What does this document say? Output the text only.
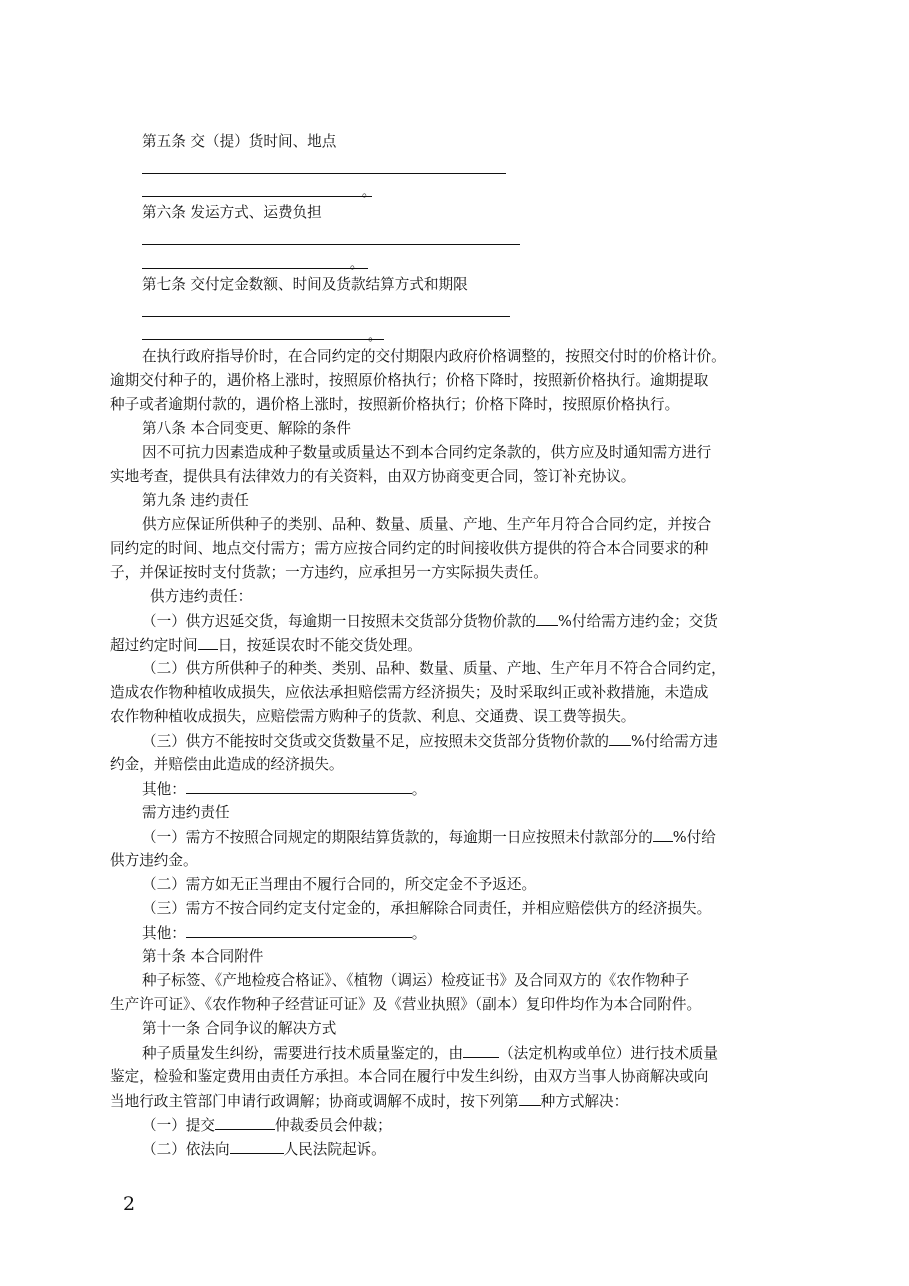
第五条 交（提）货时间、地点

。

第六条 发运方式、运费负担

。

第七条 交付定金数额、时间及货款结算方式和期限

。

在执行政府指导价时，在合同约定的交付期限内政府价格调整的，按照交付时的价格计价。

逾期交付种子的，遇价格上涨时，按照原价格执行；价格下降时，按照新价格执行。逾期提取

种子或者逾期付款的，遇价格上涨时，按照新价格执行；价格下降时，按照原价格执行。

第八条 本合同变更、解除的条件

因不可抗力因素造成种子数量或质量达不到本合同约定条款的，供方应及时通知需方进行

实地考查，提供具有法律效力的有关资料，由双方协商变更合同，签订补充协议。

第九条 违约责任

供方应保证所供种子的类别、品种、数量、质量、产地、生产年月符合合同约定，并按合

同约定的时间、地点交付需方；需方应按合同约定的时间接收供方提供的符合本合同要求的种

子，并保证按时支付货款；一方违约，应承担另一方实际损失责任。

供方违约责任：

（一）供方迟延交货，每逾期一日按照未交货部分货物价款的 %付给需方违约金；交货

超过约定时间 日，按延误农时不能交货处理。

（二）供方所供种子的种类、类别、品种、数量、质量、产地、生产年月不符合合同约定，

造成农作物种植收成损失，应依法承担赔偿需方经济损失；及时采取纠正或补救措施，未造成

农作物种植收成损失，应赔偿需方购种子的货款、利息、交通费、误工费等损失。

（三）供方不能按时交货或交货数量不足，应按照未交货部分货物价款的 %付给需方违

约金，并赔偿由此造成的经济损失。

其他：	。

需方违约责任

（一）需方不按照合同规定的期限结算货款的，每逾期一日应按照未付款部分的 %付给

供方违约金。

（二）需方如无正当理由不履行合同的，所交定金不予返还。

（三）需方不按合同约定支付定金的，承担解除合同责任，并相应赔偿供方的经济损失。

其他：	。

第十条 本合同附件

种子标签、《产地检疫合格证》、《植物（调运）检疫证书》及合同双方的《农作物种子

生产许可证》、《农作物种子经营证可证》及《营业执照》（副本）复印件均作为本合同附件。

第十一条 合同争议的解决方式

种子质量发生纠纷，需要进行技术质量鉴定的，由 （法定机构或单位）进行技术质量

鉴定，检验和鉴定费用由责任方承担。本合同在履行中发生纠纷，由双方当事人协商解决或向

当地行政主管部门申请行政调解；协商或调解不成时，按下列第 种方式解决：

（一）提交	仲裁委员会仲裁；

（二）依法向	人民法院起诉。

2
